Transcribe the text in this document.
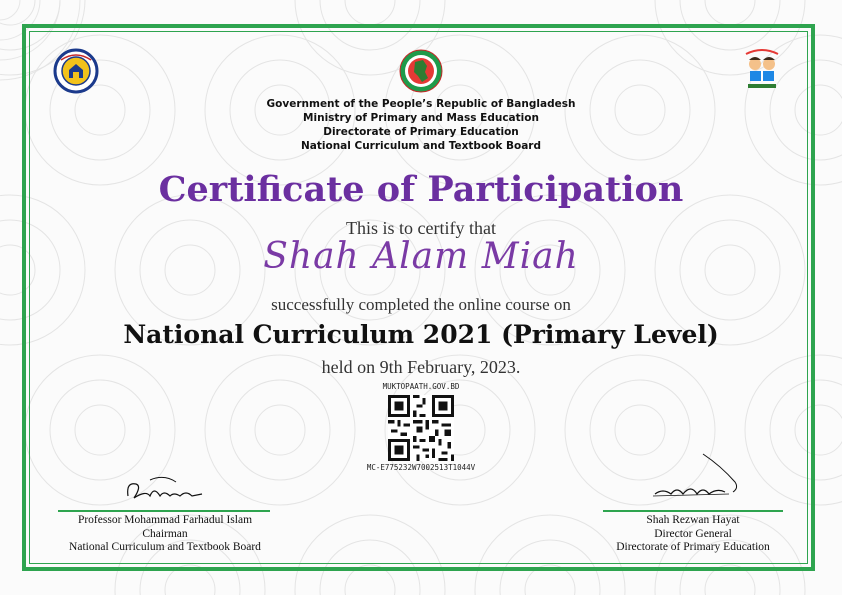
Government of the People’s Republic of Bangladesh
Ministry of Primary and Mass Education
Directorate of Primary Education
National Curriculum and Textbook Board
Certificate of Participation
This is to certify that
Shah Alam Miah
successfully completed the online course on
National Curriculum 2021 (Primary Level)
held on 9th February, 2023.
MUKTOPAATH.GOV.BD
MC-E775232W7002513T1044V
Professor Mohammad Farhadul Islam
Chairman
National Curriculum and Textbook Board
Shah Rezwan Hayat
Director General
Directorate of Primary Education
